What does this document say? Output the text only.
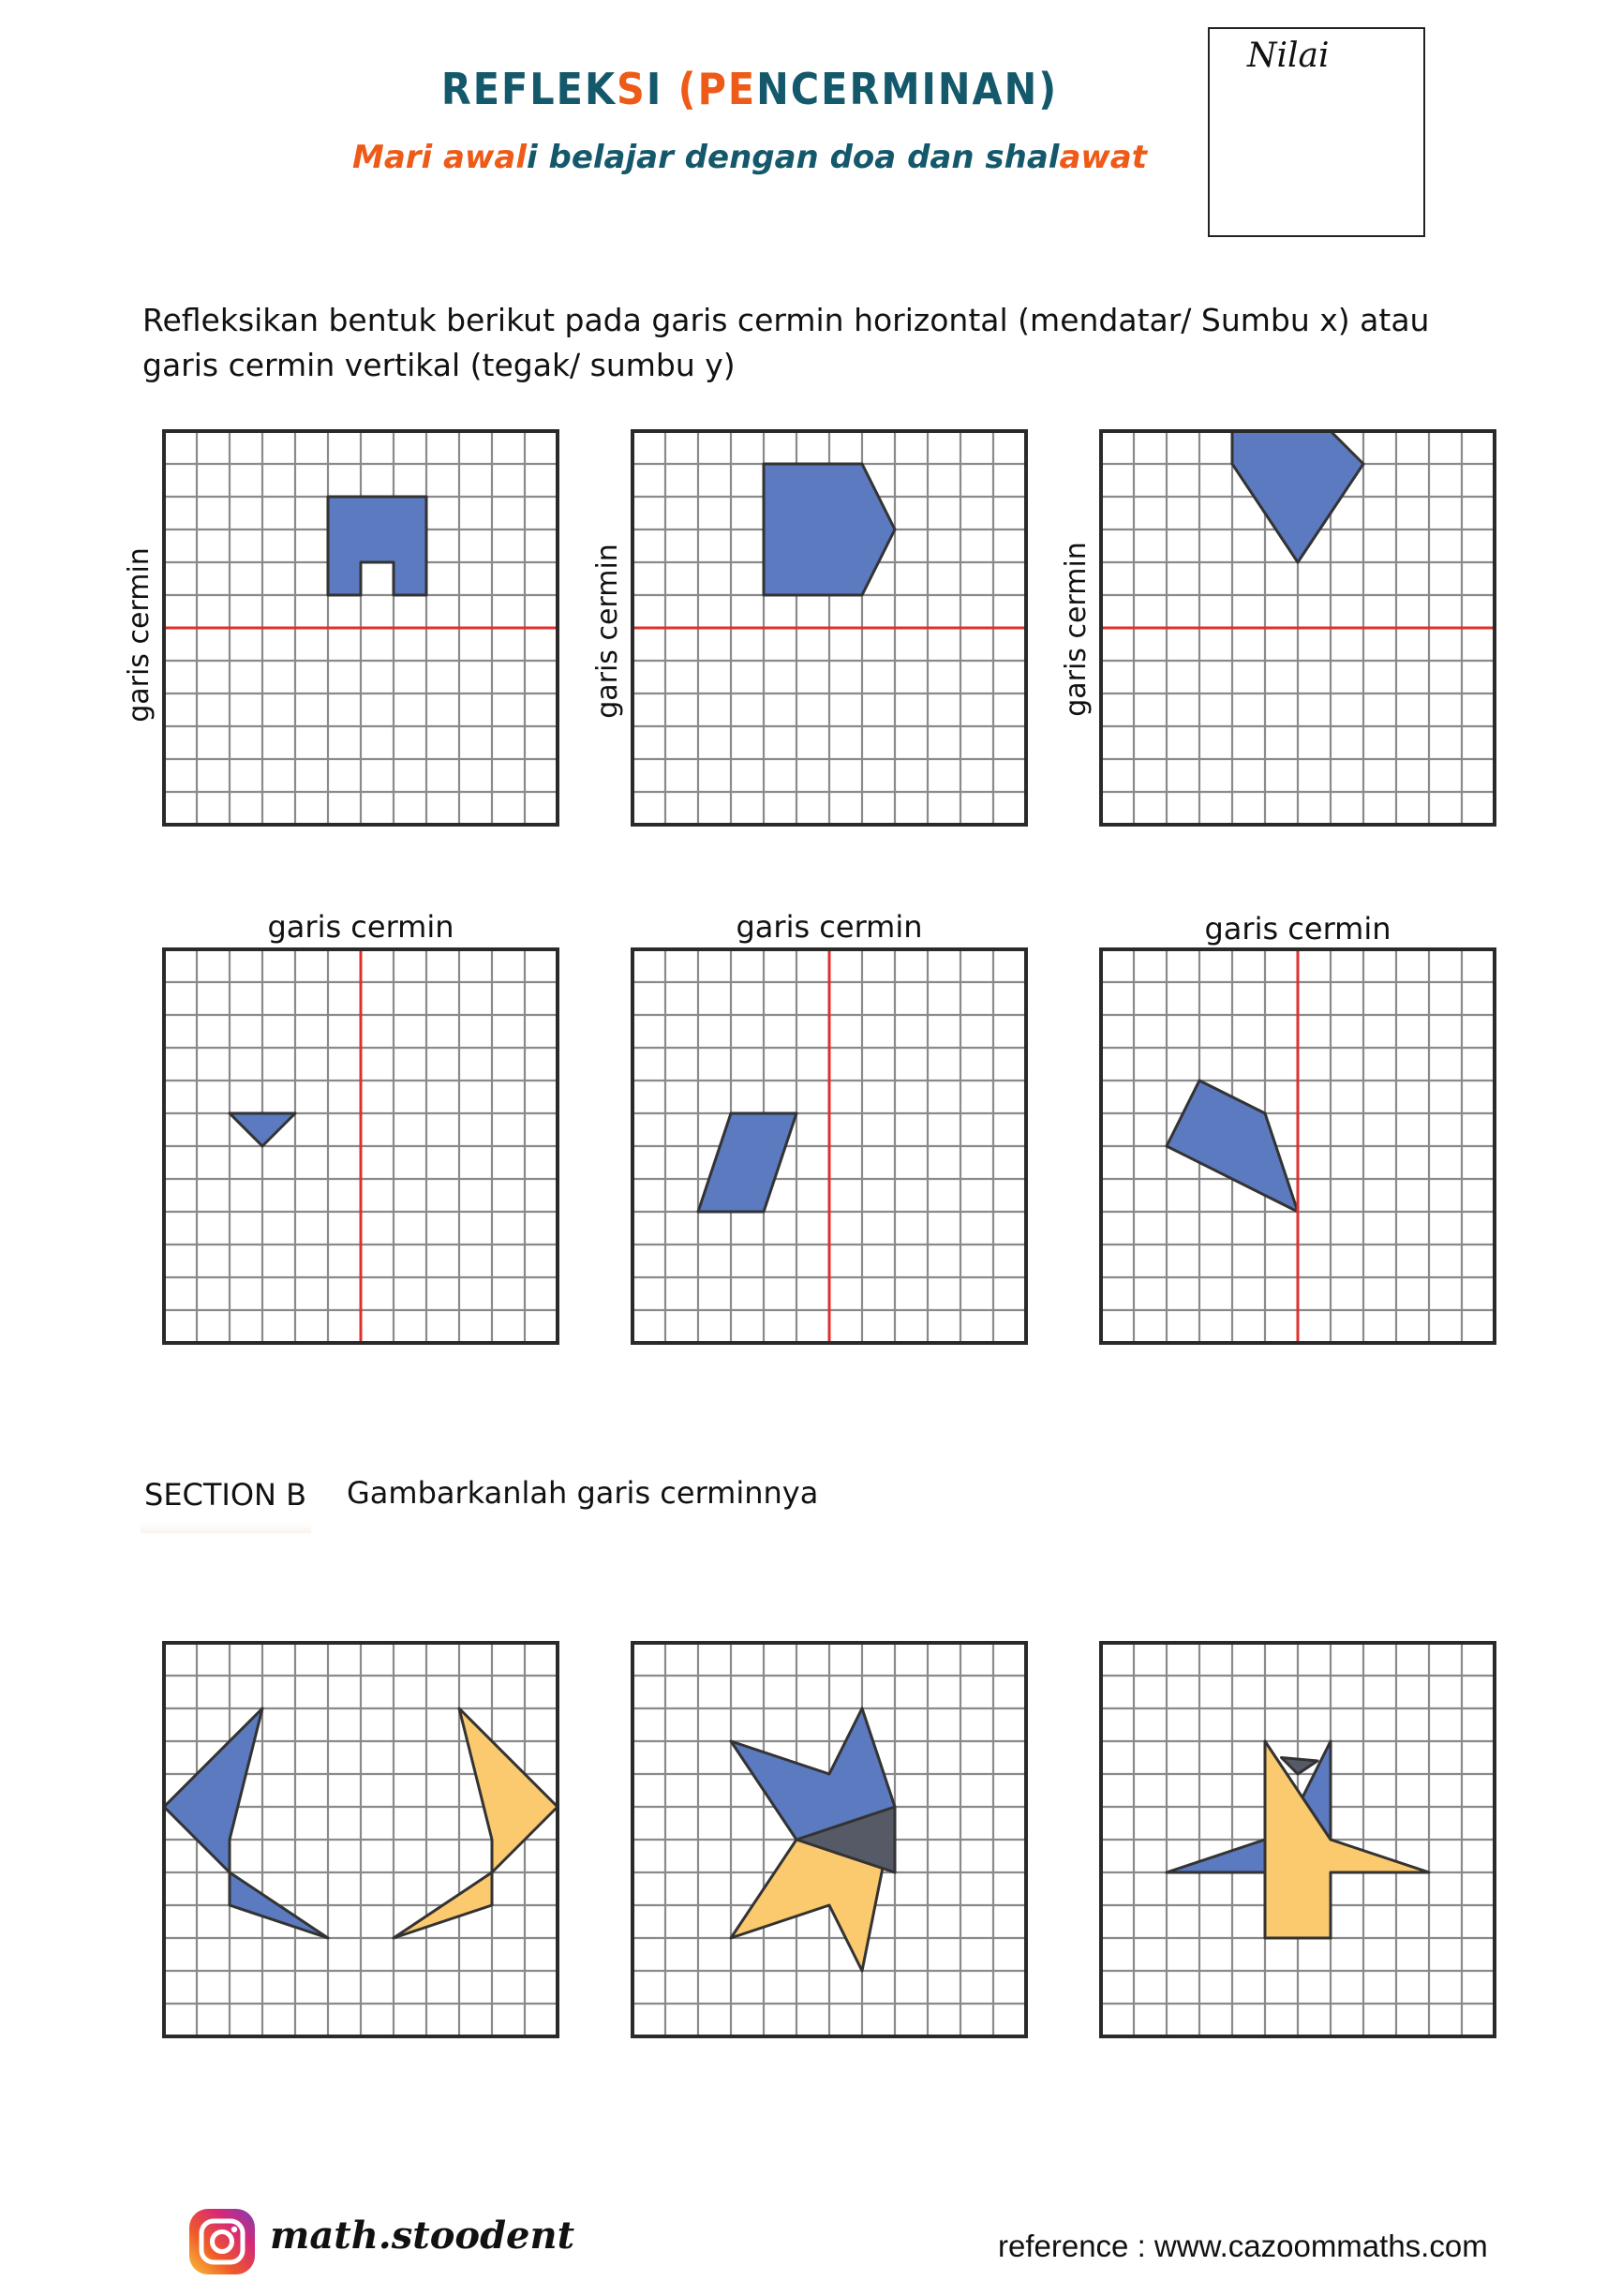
REFLEKSI (PENCERMINAN)
Mari awali belajar dengan doa dan shalawat
Nilai
Refleksikan bentuk berikut pada garis cermin horizontal (mendatar/ Sumbu x) atau garis cermin vertikal (tegak/ sumbu y)
garis cermin	garis cermin	garis cermin
garis cermin	garis cermin	garis cermin
SECTION B Gambarkanlah garis cerminnya
math.stoodent	reference : www.cazoommaths.com
